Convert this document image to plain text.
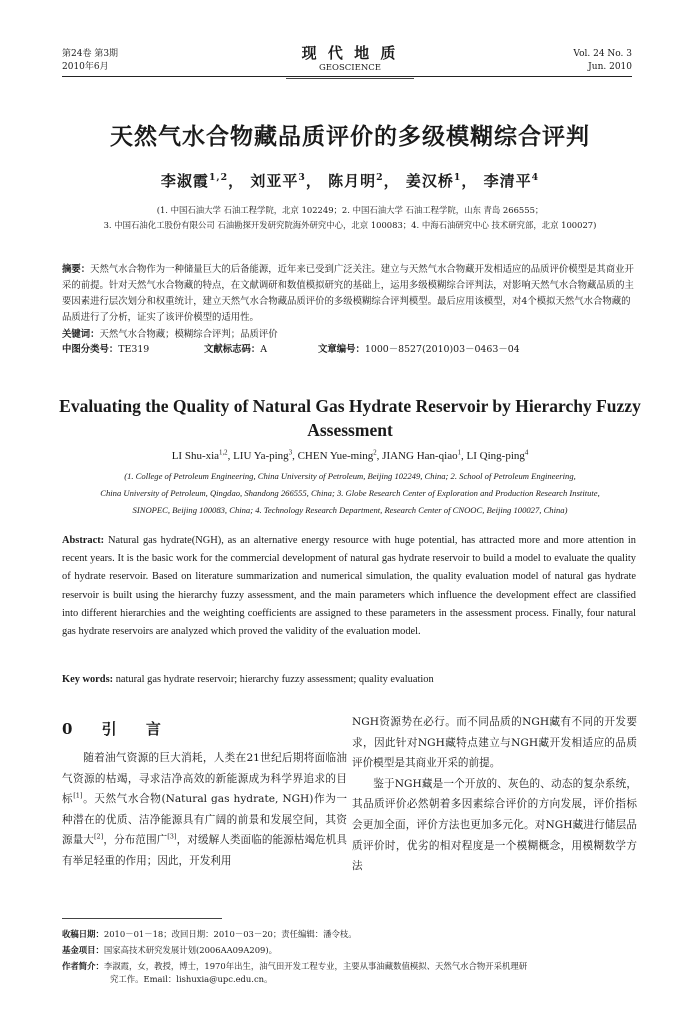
第24卷 第3期
2010年6月
现 代 地 质
GEOSCIENCE
Vol. 24 No. 3
Jun. 2010
天然气水合物藏品质评价的多级模糊综合评判
李淑霞$^{1,2}$， 刘亚平$^3$， 陈月明$^2$， 姜汉桥$^1$， 李清平$^4$
(1. 中国石油大学 石油工程学院，北京 102249；2. 中国石油大学 石油工程学院，山东 青岛 266555；
3. 中国石油化工股份有限公司 石油勘探开发研究院海外研究中心，北京 100083；4. 中海石油研究中心 技术研究部，北京 100027)
摘要：天然气水合物作为一种储量巨大的后备能源，近年来已受到广泛关注。建立与天然气水合物藏开发相适应的品质评价模型是其商业开采的前提。针对天然气水合物藏的特点，在文献调研和数值模拟研究的基础上，运用多级模糊综合评判法，对影响天然气水合物藏品质的主要因素进行层次划分和权重统计，建立天然气水合物藏品质评价的多级模糊综合评判模型。最后应用该模型，对4个模拟天然气水合物藏的品质进行了分析，证实了该评价模型的适用性。
关键词：天然气水合物藏；模糊综合评判；品质评价
中图分类号： TE319	文献标志码： A	文章编号： 1000－8527(2010)03－0463－04
Evaluating the Quality of Natural Gas Hydrate Reservoir by Hierarchy Fuzzy Assessment
LI Shu-xia$^{1,2}$, LIU Ya-ping$^3$, CHEN Yue-ming$^2$, JIANG Han-qiao$^1$, LI Qing-ping$^4$
(1. College of Petroleum Engineering, China University of Petroleum, Beijing 102249, China; 2. School of Petroleum Engineering,
China University of Petroleum, Qingdao, Shandong 266555, China; 3. Globe Research Center of Exploration and Production Research Institute,
SINOPEC, Beijing 100083, China; 4. Technology Research Department, Research Center of CNOOC, Beijing 100027, China)
Abstract: Natural gas hydrate(NGH), as an alternative energy resource with huge potential, has attracted more and more attention in recent years. It is the basic work for the commercial development of natural gas hydrate reservoir to build a model to evaluate the quality of hydrate reservoir. Based on literature summarization and numerical simulation, the quality evaluation model of natural gas hydrate reservoir is built using the hierarchy fuzzy assessment, and the main parameters which influence the development effect are classified into different hierarchies and the weighting coefficients are assigned to these parameters in the assessment process. Finally, four natural gas hydrate reservoirs are analyzed which proved the validity of the evaluation model.
Key words: natural gas hydrate reservoir; hierarchy fuzzy assessment; quality evaluation
0 引 言

随着油气资源的巨大消耗，人类在21世纪后期将面临油气资源的枯竭，寻求洁净高效的新能源成为科学界追求的目标[1]。天然气水合物(Natural gas hydrate, NGH)作为一种潜在的优质、洁净能源具有广阔的前景和发展空间，其资源量大[2]，分布范围广[3]，对缓解人类面临的能源枯竭危机具有举足轻重的作用；因此，开发利用

NGH资源势在必行。而不同品质的NGH藏有不同的开发要求，因此针对NGH藏特点建立与NGH藏开发相适应的品质评价模型是其商业开采的前提。

鉴于NGH藏是一个开放的、灰色的、动态的复杂系统，其品质评价必然朝着多因素综合评价的方向发展，评价指标会更加全面，评价方法也更加多元化。对NGH藏进行储层品质评价时，优劣的相对程度是一个模糊概念，用模糊数学方法

收稿日期：2010－01－18；改回日期：2010－03－20；责任编辑：潘令枝。
基金项目：国家高技术研究发展计划(2006AA09A209)。
作者简介：李淑霞，女，教授，博士，1970年出生，油气田开发工程专业，主要从事油藏数值模拟、天然气水合物开采机理研
究工作。Email：lishuxia@upc.edu.cn。
